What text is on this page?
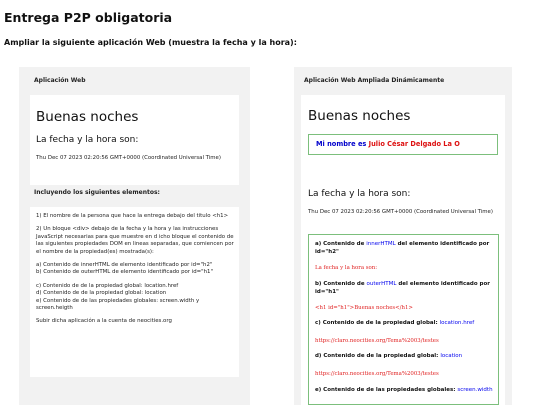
Entrega P2P obligatoria
Ampliar la siguiente aplicación Web (muestra la fecha y la hora):
Aplicación Web
Buenas noches
La fecha y la hora son:
Thu Dec 07 2023 02:20:56 GMT+0000 (Coordinated Universal Time)
Incluyendo los siguientes elementos:

1) El nombre de la persona que hace la entrega debajo del titulo <h1>

2) Un bloque <div> debajo de la fecha y la hora y las instrucciones JavaScript necesarias para que muestre en d icho bloque el contenido de las siguientes propiedades DOM en lineas separadas, que comiencen por el nombre de la propiedad(es) mostrada(s):

a) Contenido de innerHTML de elemento identificado por id="h2"
b) Contenido de outerHTML de elemento identificado por id="h1"

c) Contenido de de la propiedad global: location.href
d) Contenido de de la propiedad global: location
e) Contenido de de las propiedades globales: screen.width y screen.heigth

Subir dicha aplicación a la cuenta de neocities.org

Aplicación Web Ampliada Dinámicamente
Buenas noches
Mi nombre es Julio César Delgado La O
La fecha y la hora son:
Thu Dec 07 2023 02:20:56 GMT+0000 (Coordinated Universal Time)
a) Contenido de innerHTML del elemento identificado por id="h2"
La fecha y la hora son:
b) Contenido de outerHTML del elemento identificado por id="h1"
<h1 id="h1">Buenas noches</h1>
c) Contenido de de la propiedad global: location.href
https://claro.neocities.org/Tema%2003/testes
d) Contenido de de la propiedad global: location
https://claro.neocities.org/Tema%2003/testes
e) Contenido de de las propiedades globales: screen.width
